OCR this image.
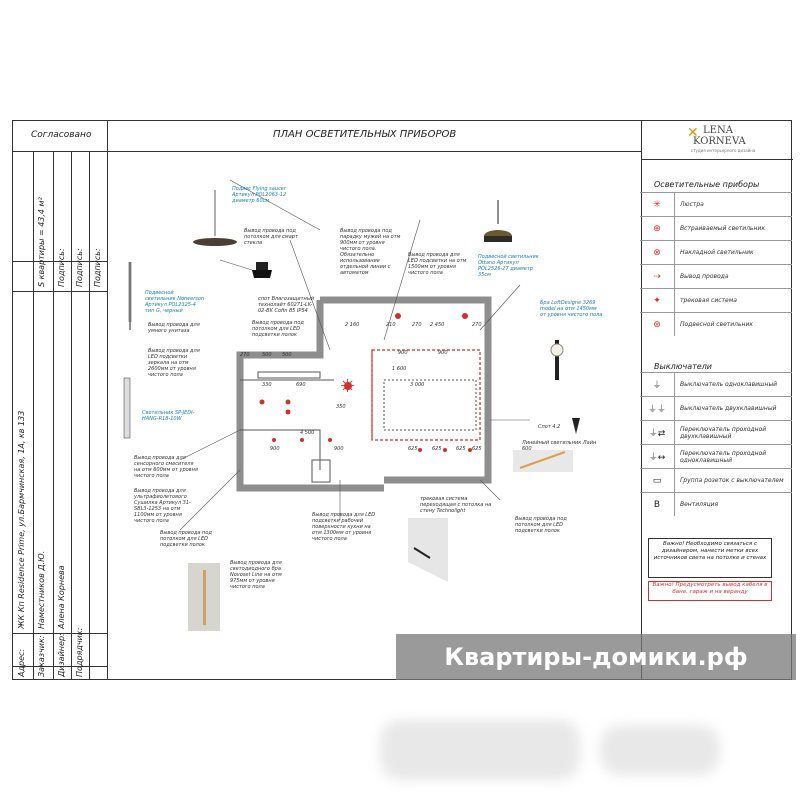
Согласовано	ПЛАН ОСВЕТИТЕЛЬНЫХ ПРИБОРОВ	✕ LENA
KORNEVA
студия интерьерного дизайна
Адрес:
ЖК Кп Residence Prime, ул.Бармчинская, 1А, кв 133
Заказчик:
Наместников Д.Ю.
Дизайнер:
Алена Корнева
Подрядчик:
S квартиры = 43,4 м² Подпись: Подпись: Подпись:
Осветительные приборы
✳	Люстра
⊕	Встраиваемый светильник
⊗	Накладной светильник
⇢	Вывод провода
✦	трековая система
⊛	Подвесной светильник
Выключатели
⏚	Выключатель одноклавишный
⏚⏚	Выключатель двухклавишный
⏚⇄	Переключатель проходной двухклавишный
⏚↔	Переключатель проходной одноклавишный
▭	Группа розеток с выключателем
В	Вентиляция
Важно! Необходимо связаться с дизайнером, нанести метки всех источников света на потолке и стенах
Важно! Предусмотреть вывод кабеля в бане, гараж и на веранду
✳
Подвес Flying saucer Артикул POL2063-12 диаметр 60см
Вывод провода под потолком для смарт стекла
спот Влагозащитный технолайт 60271-LK-02-BK Cofin 85 IP54
Вывод провода под потолком для LED подсветки полок
Подвесной светильник Norwerson Артикул POL2325-4 тип G, черный
Вывод провода для умного унитаза
Вывод провода для LED подсветки зеркала на отм 2600мм от уровня чистого пола
Светильник SP-JEDI-HANG-R18-10W
Вывод провода для сенсорного смесителя на отм 600мм от уровня чистого пола
Вывод провода для ультрафиолетового Сушилка Артикул 31-SBL3-1253 на отм 1100мм от уровня чистого пола
Вывод провода под потолком для LED подсветки полок
Вывод провода для светодиодного бра Novoset Line на отм 975мм от уровня чистого пола
Вывод провода под парадку мужей на отм 900мм от уровня чистого пола. Обязательно использование отдельной линии с автоматом
Вывод провода для LED подсветки на отм 1500мм от уровня чистого пола
Подвесной светильник Ottano Артикул POL2526-27 диаметр 35см
Бра LoftDesigne 3269 model на отм 1450мм от уровня чистого пола
Спот 4.2
Линейный светильник Лайн 600
трековая система переходящая с потолка на стену Technolight
Вывод провода для LED подсветки рабочей поверхности кухни на отм 1300мм от уровня чистого пола
Вывод провода под потолком для LED подсветки полок
2 160	2 450
270	270
210
3 000
1 600
4 500
900	900
900	900
500 500
625	625	625 625
350
690
330
270
Квартиры-домики.рф
